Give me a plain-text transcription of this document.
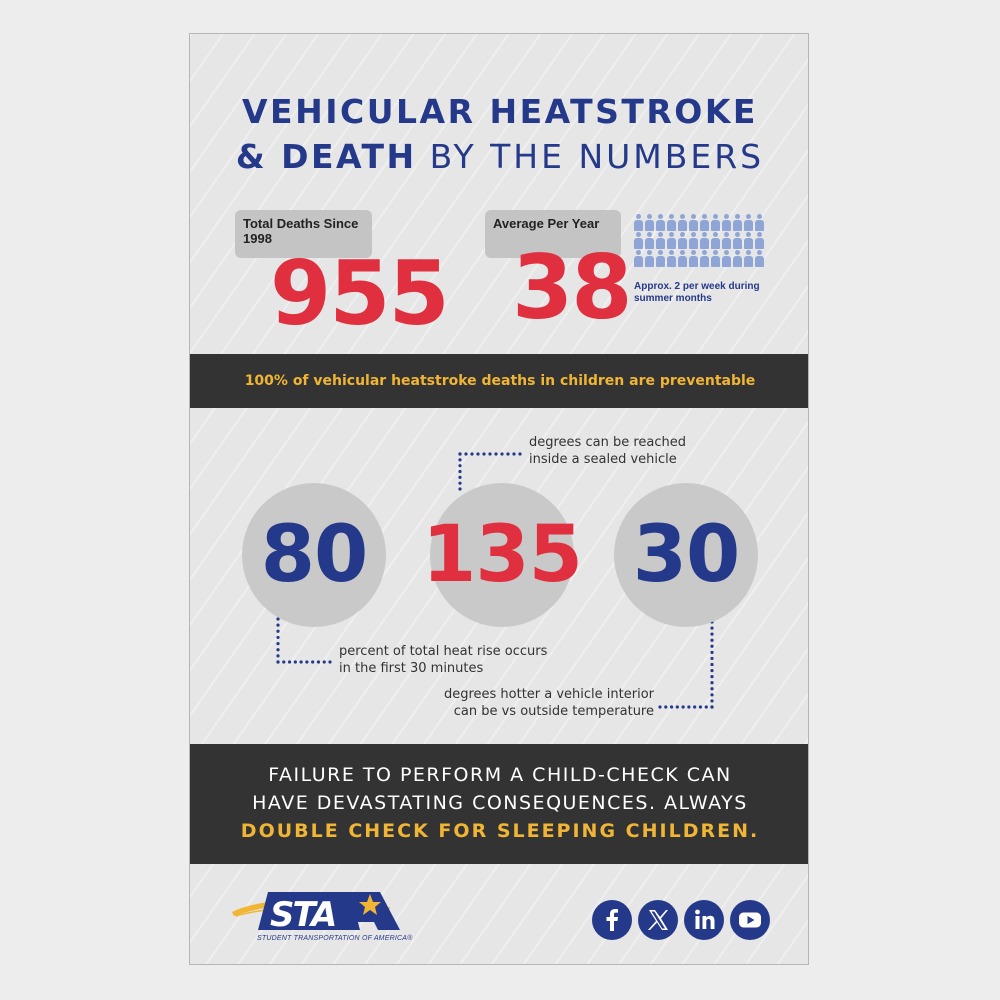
VEHICULAR HEATSTROKE
& DEATH BY THE NUMBERS
Total Deaths Since 1998
955
Average Per Year
38 Approx. 2 per week during summer months
100% of vehicular heatstroke deaths in children are preventable
80 135 30
degrees can be reached
inside a sealed vehicle
percent of total heat rise occurs
in the first 30 minutes
degrees hotter a vehicle interior
can be vs outside temperature
FAILURE TO PERFORM A CHILD-CHECK CAN
HAVE DEVASTATING CONSEQUENCES. ALWAYS
DOUBLE CHECK FOR SLEEPING CHILDREN.
STA
STUDENT TRANSPORTATION OF AMERICA®
